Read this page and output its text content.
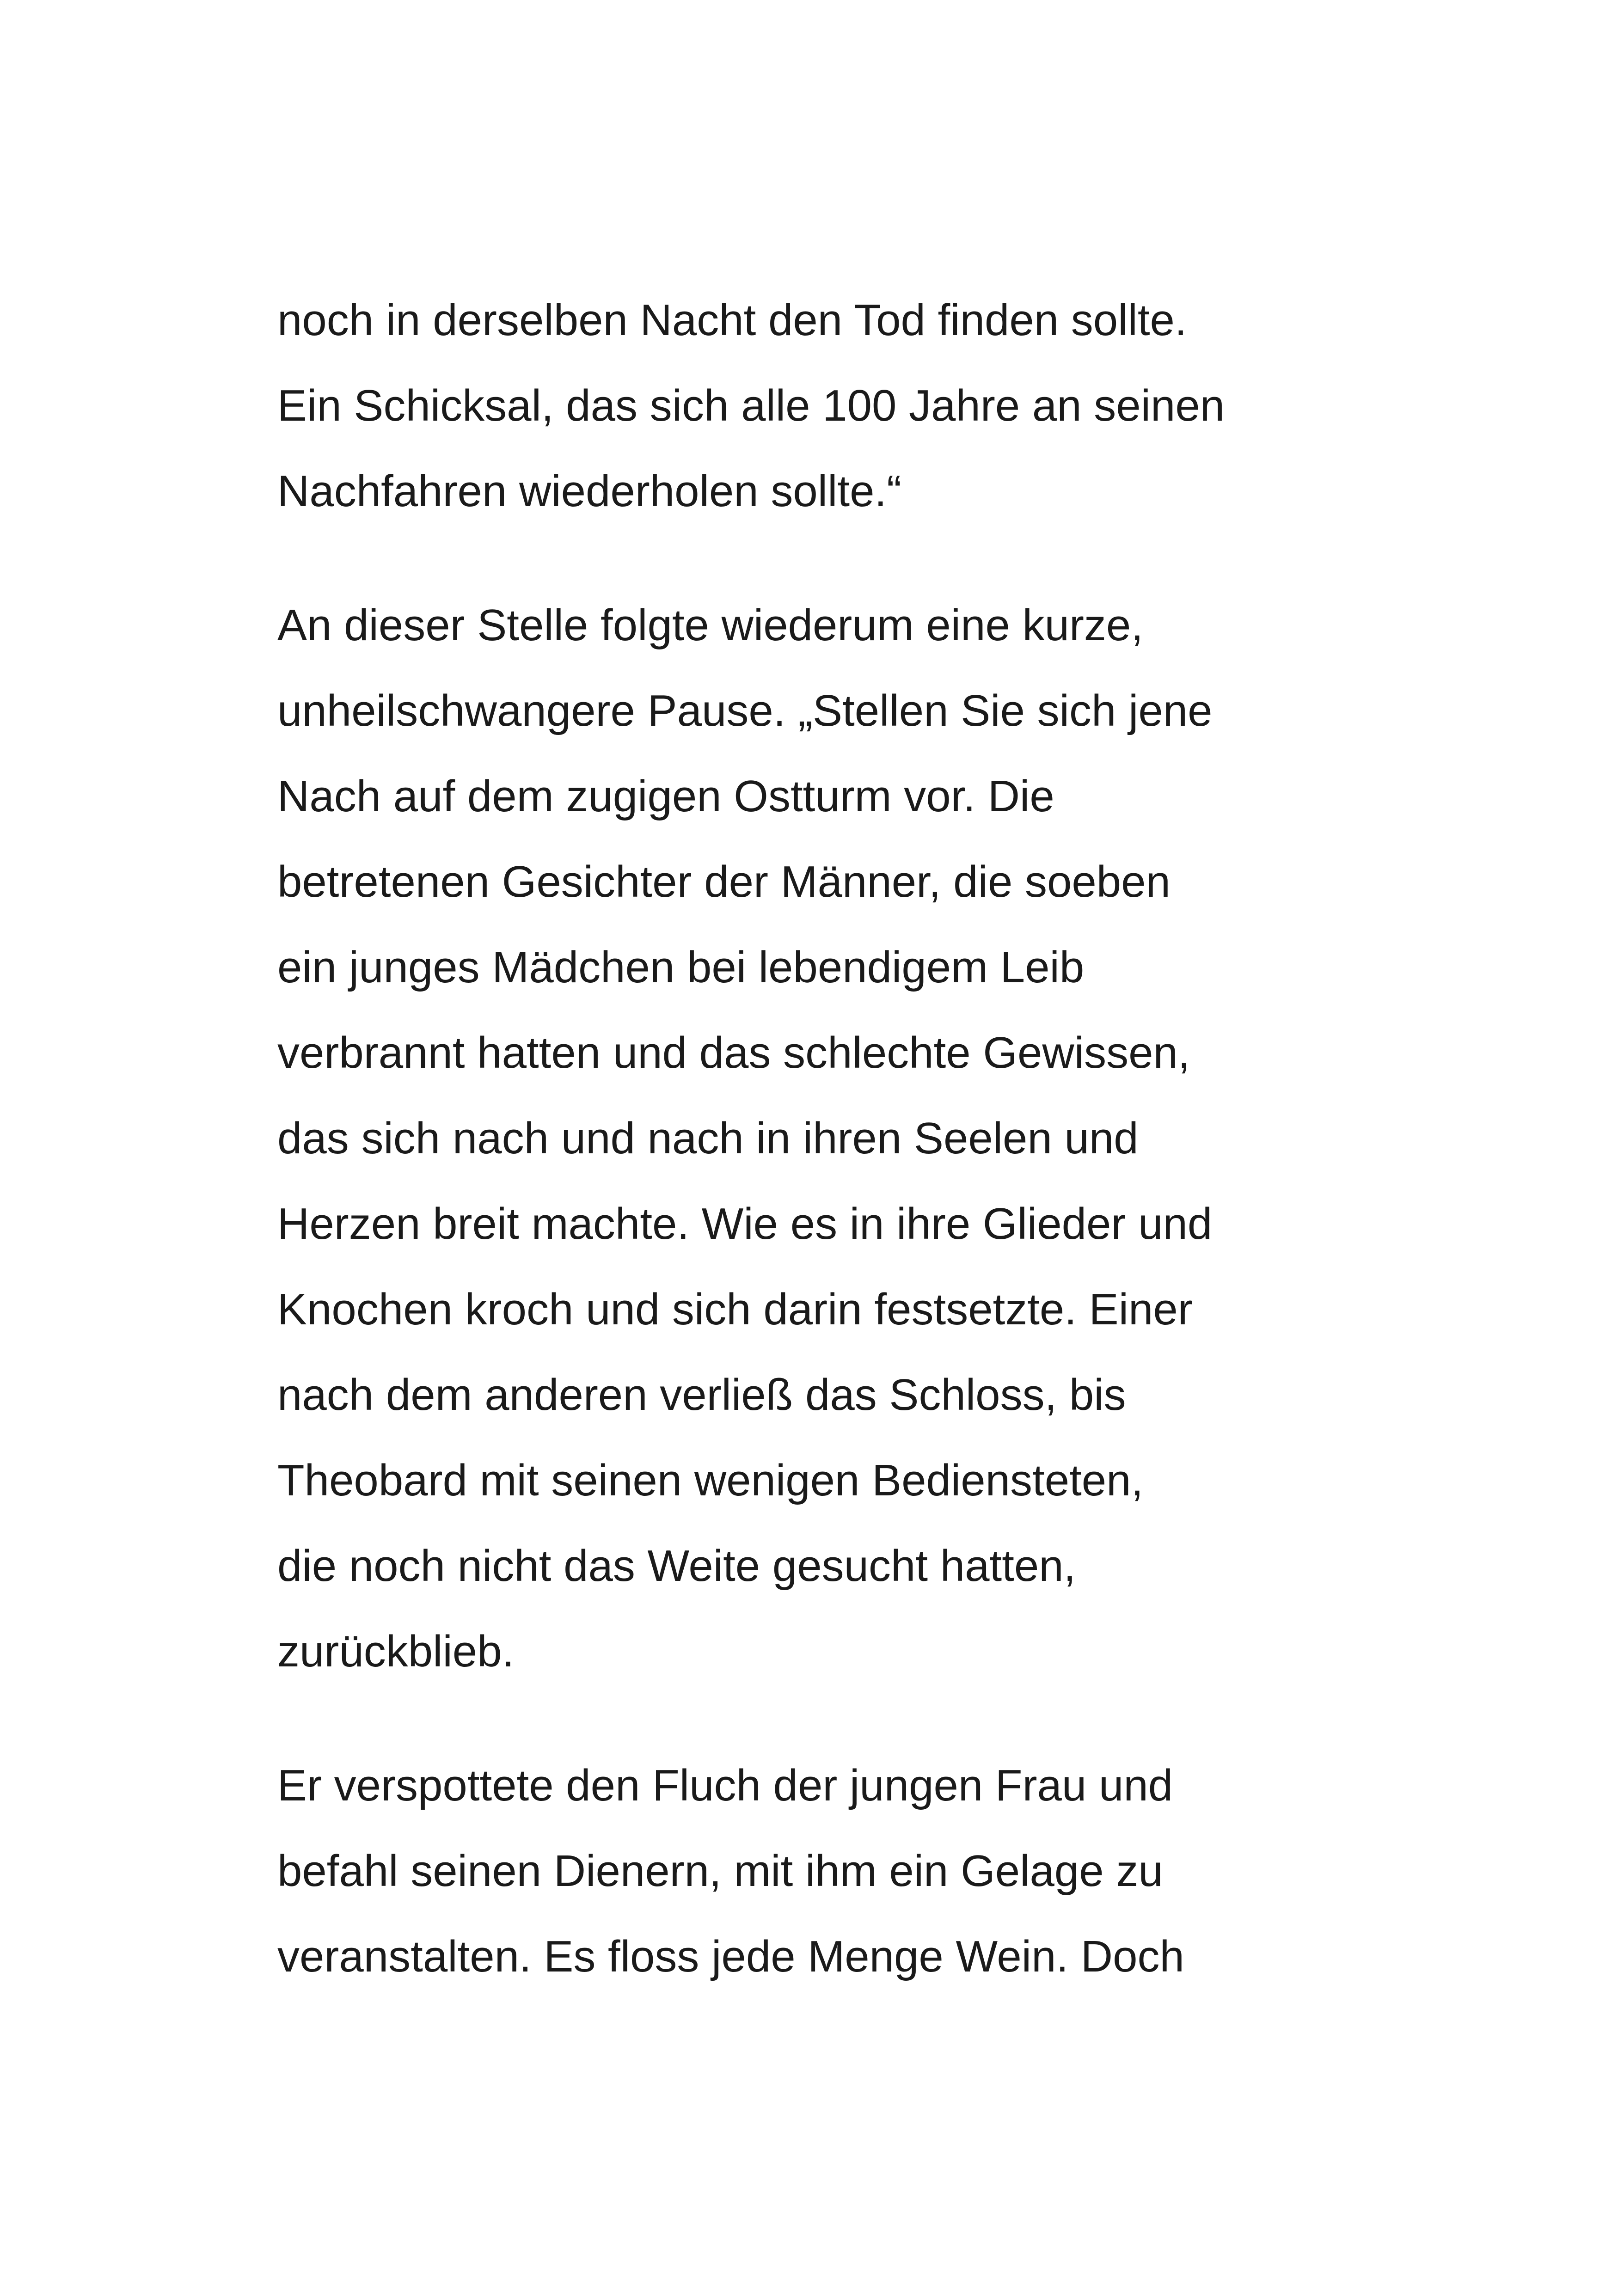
noch in derselben Nacht den Tod finden sollte.
Ein Schicksal, das sich alle 100 Jahre an seinen
Nachfahren wiederholen sollte.“

An dieser Stelle folgte wiederum eine kurze,
unheilschwangere Pause. „Stellen Sie sich jene
Nach auf dem zugigen Ostturm vor. Die
betretenen Gesichter der Männer, die soeben
ein junges Mädchen bei lebendigem Leib
verbrannt hatten und das schlechte Gewissen,
das sich nach und nach in ihren Seelen und
Herzen breit machte. Wie es in ihre Glieder und
Knochen kroch und sich darin festsetzte. Einer
nach dem anderen verließ das Schloss, bis
Theobard mit seinen wenigen Bediensteten,
die noch nicht das Weite gesucht hatten,
zurückblieb.

Er verspottete den Fluch der jungen Frau und
befahl seinen Dienern, mit ihm ein Gelage zu
veranstalten. Es floss jede Menge Wein. Doch
